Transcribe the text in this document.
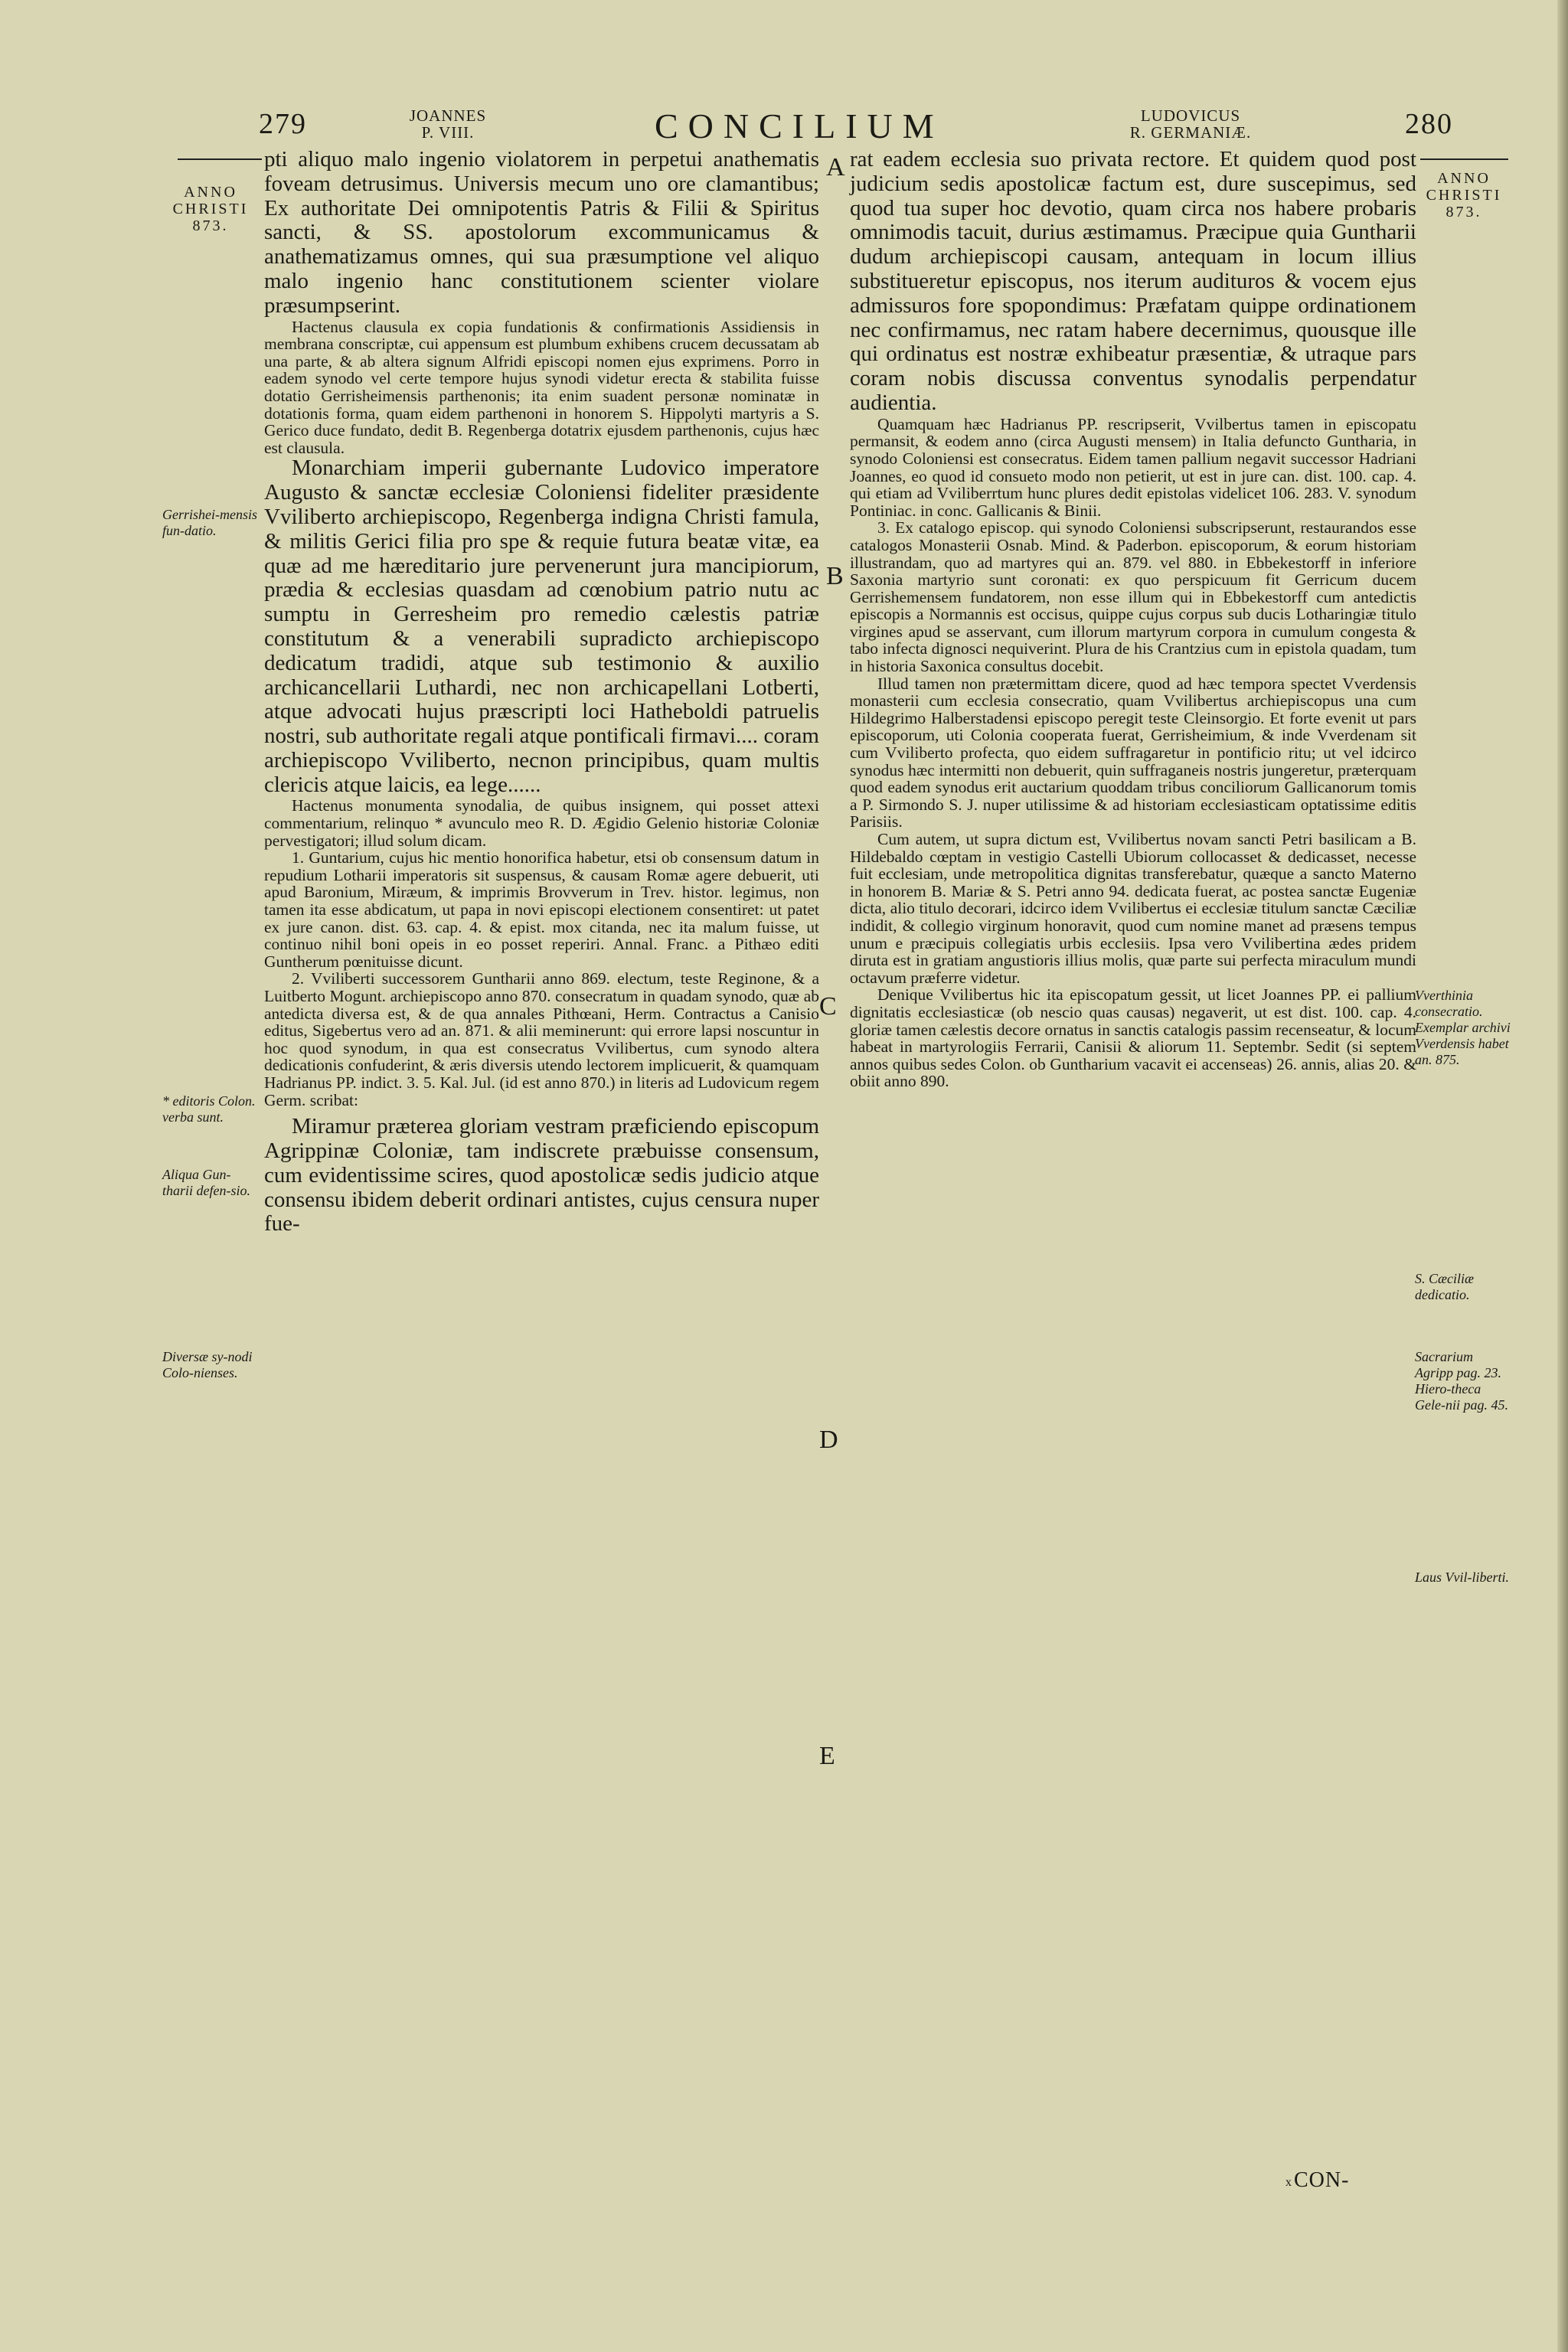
279	JOANNES
P. VIII.	CONCILIUM	LUDOVICUS
R. GERMANIÆ.	280
ANNO CHRISTI 873.
ANNO CHRISTI 873.
Gerrishei-mensis fun-datio.
* editoris Colon. verba sunt.
Aliqua Gun-tharii defen-sio.
Diversæ sy-nodi Colo-nienses.
Vverthinia consecratio. Exemplar archivi Vverdensis habet an. 875.
S. Cæciliæ dedicatio.
Sacrarium Agripp pag. 23. Hiero-theca Gele-nii pag. 45.
Laus Vvil-liberti.
A
B
C
D
E

pti aliquo malo ingenio violatorem in perpetui anathematis foveam detrusimus. Universis mecum uno ore clamantibus; Ex authoritate Dei omnipotentis Patris & Filii & Spiritus sancti, & SS. apostolorum excommunicamus & anathematizamus omnes, qui sua præsumptione vel aliquo malo ingenio hanc constitutionem scienter violare præsumpserint.

Hactenus clausula ex copia fundationis & confirmationis Assidiensis in membrana conscriptæ, cui appensum est plumbum exhibens crucem decussatam ab una parte, & ab altera signum Alfridi episcopi nomen ejus exprimens. Porro in eadem synodo vel certe tempore hujus synodi videtur erecta & stabilita fuisse dotatio Gerrisheimensis parthenonis; ita enim suadent personæ nominatæ in dotationis forma, quam eidem parthenoni in honorem S. Hippolyti martyris a S. Gerico duce fundato, dedit B. Regenberga dotatrix ejusdem parthenonis, cujus hæc est clausula.

Monarchiam imperii gubernante Ludovico imperatore Augusto & sanctæ ecclesiæ Coloniensi fideliter præsidente Vviliberto archiepiscopo, Regenberga indigna Christi famula, & militis Gerici filia pro spe & requie futura beatæ vitæ, ea quæ ad me hæreditario jure pervenerunt jura mancipiorum, prædia & ecclesias quasdam ad cœnobium patrio nutu ac sumptu in Gerresheim pro remedio cælestis patriæ constitutum & a venerabili supradicto archiepiscopo dedicatum tradidi, atque sub testimonio & auxilio archicancellarii Luthardi, nec non archicapellani Lotberti, atque advocati hujus præscripti loci Hatheboldi patruelis nostri, sub authoritate regali atque pontificali firmavi.... coram archiepiscopo Vviliberto, necnon principibus, quam multis clericis atque laicis, ea lege......

Hactenus monumenta synodalia, de quibus insignem, qui posset attexi commentarium, relinquo * avunculo meo R. D. Ægidio Gelenio historiæ Coloniæ pervestigatori; illud solum dicam.

1. Guntarium, cujus hic mentio honorifica habetur, etsi ob consensum datum in repudium Lotharii imperatoris sit suspensus, & causam Romæ agere debuerit, uti apud Baronium, Miræum, & imprimis Brovverum in Trev. histor. legimus, non tamen ita esse abdicatum, ut papa in novi episcopi electionem consentiret: ut patet ex jure canon. dist. 63. cap. 4. & epist. mox citanda, nec ita malum fuisse, ut continuo nihil boni opeis in eo posset reperiri. Annal. Franc. a Pithæo editi Guntherum pœnituisse dicunt.

2. Vviliberti successorem Guntharii anno 869. electum, teste Reginone, & a Luitberto Mogunt. archiepiscopo anno 870. consecratum in quadam synodo, quæ ab antedicta diversa est, & de qua annales Pithœani, Herm. Contractus a Canisio editus, Sigebertus vero ad an. 871. & alii meminerunt: qui errore lapsi noscuntur in hoc quod synodum, in qua est consecratus Vvilibertus, cum synodo altera dedicationis confuderint, & æris diversis utendo lectorem implicuerit, & quamquam Hadrianus PP. indict. 3. 5. Kal. Jul. (id est anno 870.) in literis ad Ludovicum regem Germ. scribat:

Miramur præterea gloriam vestram præficiendo episcopum Agrippinæ Coloniæ, tam indiscrete præbuisse consensum, cum evidentissime scires, quod apostolicæ sedis judicio atque consensu ibidem deberit ordinari antistes, cujus censura nuper fue-

rat eadem ecclesia suo privata rectore. Et quidem quod post judicium sedis apostolicæ factum est, dure suscepimus, sed quod tua super hoc devotio, quam circa nos habere probaris omnimodis tacuit, durius æstimamus. Præcipue quia Guntharii dudum archiepiscopi causam, antequam in locum illius substitueretur episcopus, nos iterum audituros & vocem ejus admissuros fore spopondimus: Præfatam quippe ordinationem nec confirmamus, nec ratam habere decernimus, quousque ille qui ordinatus est nostræ exhibeatur præsentiæ, & utraque pars coram nobis discussa conventus synodalis perpendatur audientia.

Quamquam hæc Hadrianus PP. rescripserit, Vvilbertus tamen in episcopatu permansit, & eodem anno (circa Augusti mensem) in Italia defuncto Guntharia, in synodo Coloniensi est consecratus. Eidem tamen pallium negavit successor Hadriani Joannes, eo quod id consueto modo non petierit, ut est in jure can. dist. 100. cap. 4. qui etiam ad Vviliberrtum hunc plures dedit epistolas videlicet 106. 283. V. synodum Pontiniac. in conc. Gallicanis & Binii.

3. Ex catalogo episcop. qui synodo Coloniensi subscripserunt, restaurandos esse catalogos Monasterii Osnab. Mind. & Paderbon. episcoporum, & eorum historiam illustrandam, quo ad martyres qui an. 879. vel 880. in Ebbekestorff in inferiore Saxonia martyrio sunt coronati: ex quo perspicuum fit Gerricum ducem Gerrishemensem fundatorem, non esse illum qui in Ebbekestorff cum antedictis episcopis a Normannis est occisus, quippe cujus corpus sub ducis Lotharingiæ titulo virgines apud se asservant, cum illorum martyrum corpora in cumulum congesta & tabo infecta dignosci nequiverint. Plura de his Crantzius cum in epistola quadam, tum in historia Saxonica consultus docebit.

Illud tamen non prætermittam dicere, quod ad hæc tempora spectet Vverdensis monasterii cum ecclesia consecratio, quam Vvilibertus archiepiscopus una cum Hildegrimo Halberstadensi episcopo peregit teste Cleinsorgio. Et forte evenit ut pars episcoporum, uti Colonia cooperata fuerat, Gerrisheimium, & inde Vverdenam sit cum Vviliberto profecta, quo eidem suffragaretur in pontificio ritu; ut vel idcirco synodus hæc intermitti non debuerit, quin suffraganeis nostris jungeretur, præterquam quod eadem synodus erit auctarium quoddam tribus conciliorum Gallicanorum tomis a P. Sirmondo S. J. nuper utilissime & ad historiam ecclesiasticam optatissime editis Parisiis.

Cum autem, ut supra dictum est, Vvilibertus novam sancti Petri basilicam a B. Hildebaldo cœptam in vestigio Castelli Ubiorum collocasset & dedicasset, necesse fuit ecclesiam, unde metropolitica dignitas transferebatur, quæque a sancto Materno in honorem B. Mariæ & S. Petri anno 94. dedicata fuerat, ac postea sanctæ Eugeniæ dicta, alio titulo decorari, idcirco idem Vvilibertus ei ecclesiæ titulum sanctæ Cæciliæ indidit, & collegio virginum honoravit, quod cum nomine manet ad præsens tempus unum e præcipuis collegiatis urbis ecclesiis. Ipsa vero Vvilibertina ædes pridem diruta est in gratiam angustioris illius molis, quæ parte sui perfecta miraculum mundi octavum præferre videtur.

Denique Vvilibertus hic ita episcopatum gessit, ut licet Joannes PP. ei pallium dignitatis ecclesiasticæ (ob nescio quas causas) negaverit, ut est dist. 100. cap. 4. gloriæ tamen cælestis decore ornatus in sanctis catalogis passim recenseatur, & locum habeat in martyrologiis Ferrarii, Canisii & aliorum 11. Septembr. Sedit (si septem annos quibus sedes Colon. ob Guntharium vacavit ei accenseas) 26. annis, alias 20. & obiit anno 890.

x CON-
